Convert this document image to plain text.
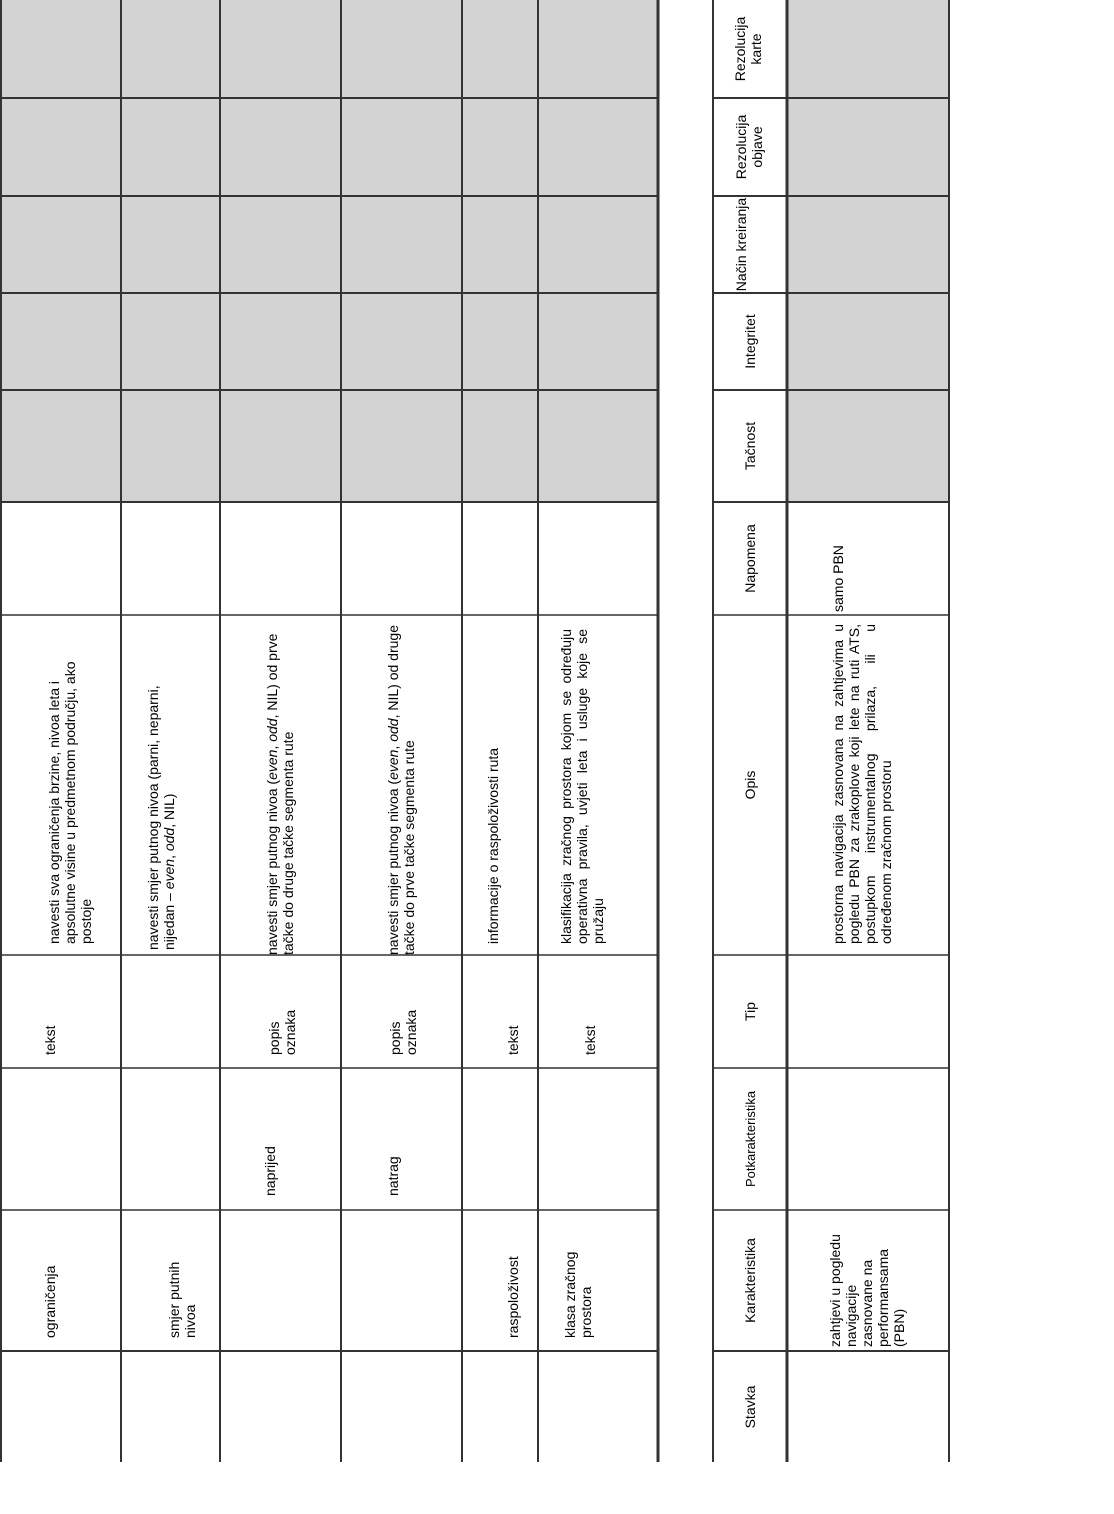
ograničenja
tekst
navesti sva ograničenja brzine, nivoa leta i apsolutne visine u predmetnom području, ako postoje
smjer putnih nivoa
navesti smjer putnog nivoa (parni, neparni, nijedan – even, odd, NIL)
naprijed
popis oznaka
navesti smjer putnog nivoa (even, odd, NIL) od prve tačke do druge tačke segmenta rute
natrag
popis oznaka
navesti smjer putnog nivoa (even, odd, NIL) od druge tačke do prve tačke segmenta rute
raspoloživost
tekst
informacije o raspoloživosti ruta
klasa zračnog prostora
tekst
klasifikacija zračnog prostora kojom se određuju operativna pravila, uvjeti leta i usluge koje se pružaju
Stavka
Karakteristika
Potkarakteristika
Tip
Opis
Napomena
Tačnost
Integritet
Način kreiranja
Rezolucija objave
Rezolucija karte
zahtjevi u pogledu navigacije zasnovane na performansama (PBN)
prostorna navigacija zasnovana na zahtjevima u pogledu PBN za zrakoplove koji lete na ruti ATS, postupkom instrumentalnog prilaza, ili u određenom zračnom prostoru
samo PBN
